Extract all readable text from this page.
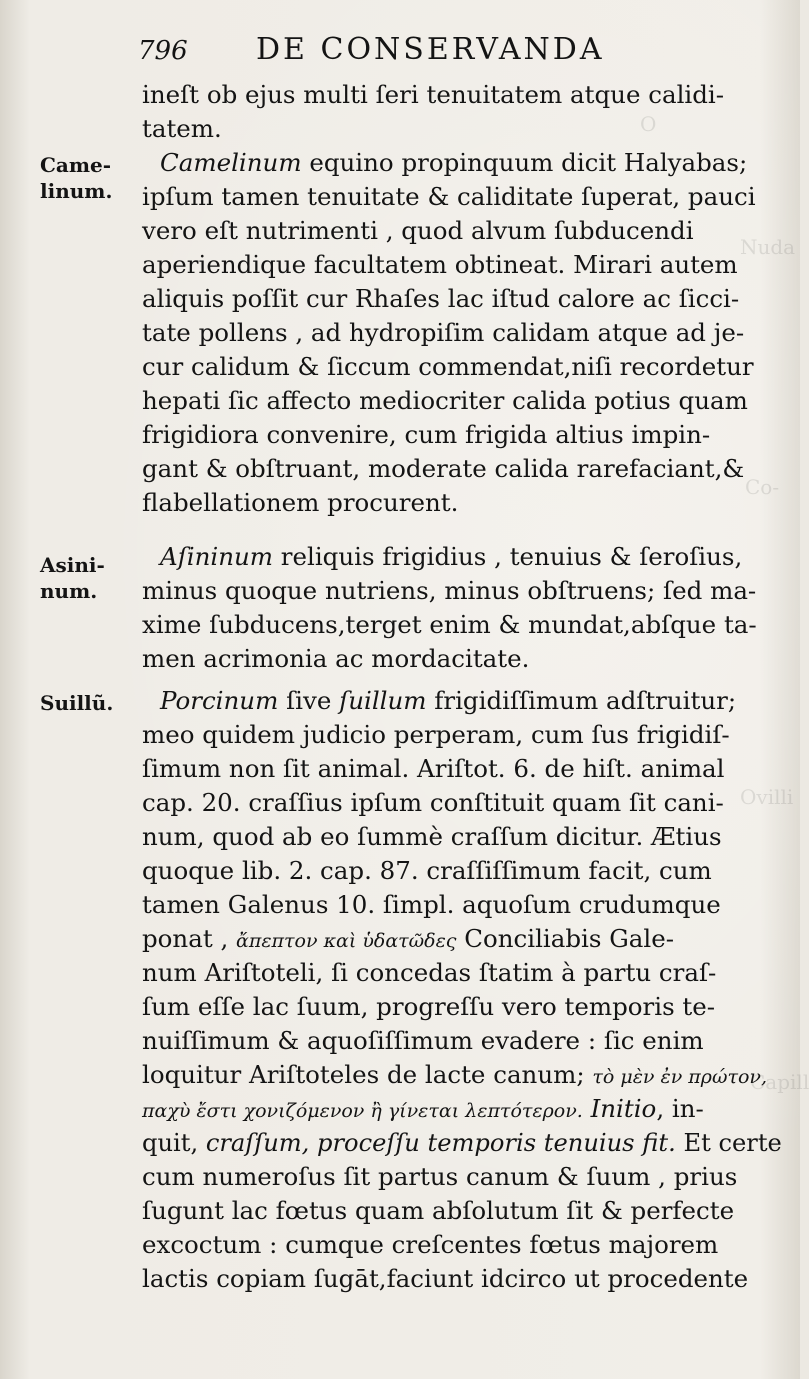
O
Nuda
Co-
Ovilli
Capill
796 DE CONSERVANDA
Came-
linum.
Asini-
num.
Suillũ.
ineſt ob ejus multi ſeri tenuitatem atque calidi-
tatem.
Camelinum equino propinquum dicit Halyabas;
ipſum tamen tenuitate & caliditate ſuperat, pauci
vero eſt nutrimenti , quod alvum ſubducendi
aperiendique facultatem obtineat. Mirari autem
aliquis poſſit cur Rhaſes lac iſtud calore ac ſicci-
tate pollens , ad hydropiſim calidam atque ad je-
cur calidum & ſiccum commendat,niſi recordetur
hepati ſic affecto mediocriter calida potius quam
frigidiora convenire, cum frigida altius impin-
gant & obſtruant, moderate calida rarefaciant,&
flabellationem procurent.
Aſininum reliquis frigidius , tenuius & ſeroſius,
minus quoque nutriens, minus obſtruens; ſed ma-
xime ſubducens,terget enim & mundat,abſque ta-
men acrimonia ac mordacitate.
Porcinum ſive ſuillum frigidiſſimum adſtruitur;
meo quidem judicio perperam, cum ſus frigidiſ-
ſimum non ſit animal. Ariſtot. 6. de hiſt. animal
cap. 20. craſſius ipſum conſtituit quam ſit cani-
num, quod ab eo ſummè craſſum dicitur. Ætius
quoque lib. 2. cap. 87. craſſiſſimum facit, cum
tamen Galenus 10. ſimpl. aquoſum crudumque
ponat , ἄπεπτον καὶ ὑδατῶδες Conciliabis Gale-
num Ariſtoteli, ſi concedas ſtatim à partu craſ-
ſum eſſe lac ſuum, progreſſu vero temporis te-
nuiſſimum & aquoſiſſimum evadere : ſic enim
loquitur Ariſtoteles de lacte canum; τὸ μὲν ἐν πρώτον,
παχὺ ἔστι χονιζόμενον ἢ γίνεται λεπτότερον. Initio, in-
quit, craſſum, proceſſu temporis tenuius fit. Et certe
cum numeroſus ſit partus canum & ſuum , prius
ſugunt lac fœtus quam abſolutum ſit & perfecte
excoctum : cumque creſcentes fœtus majorem
lactis copiam ſugāt,faciunt idcirco ut procedente
